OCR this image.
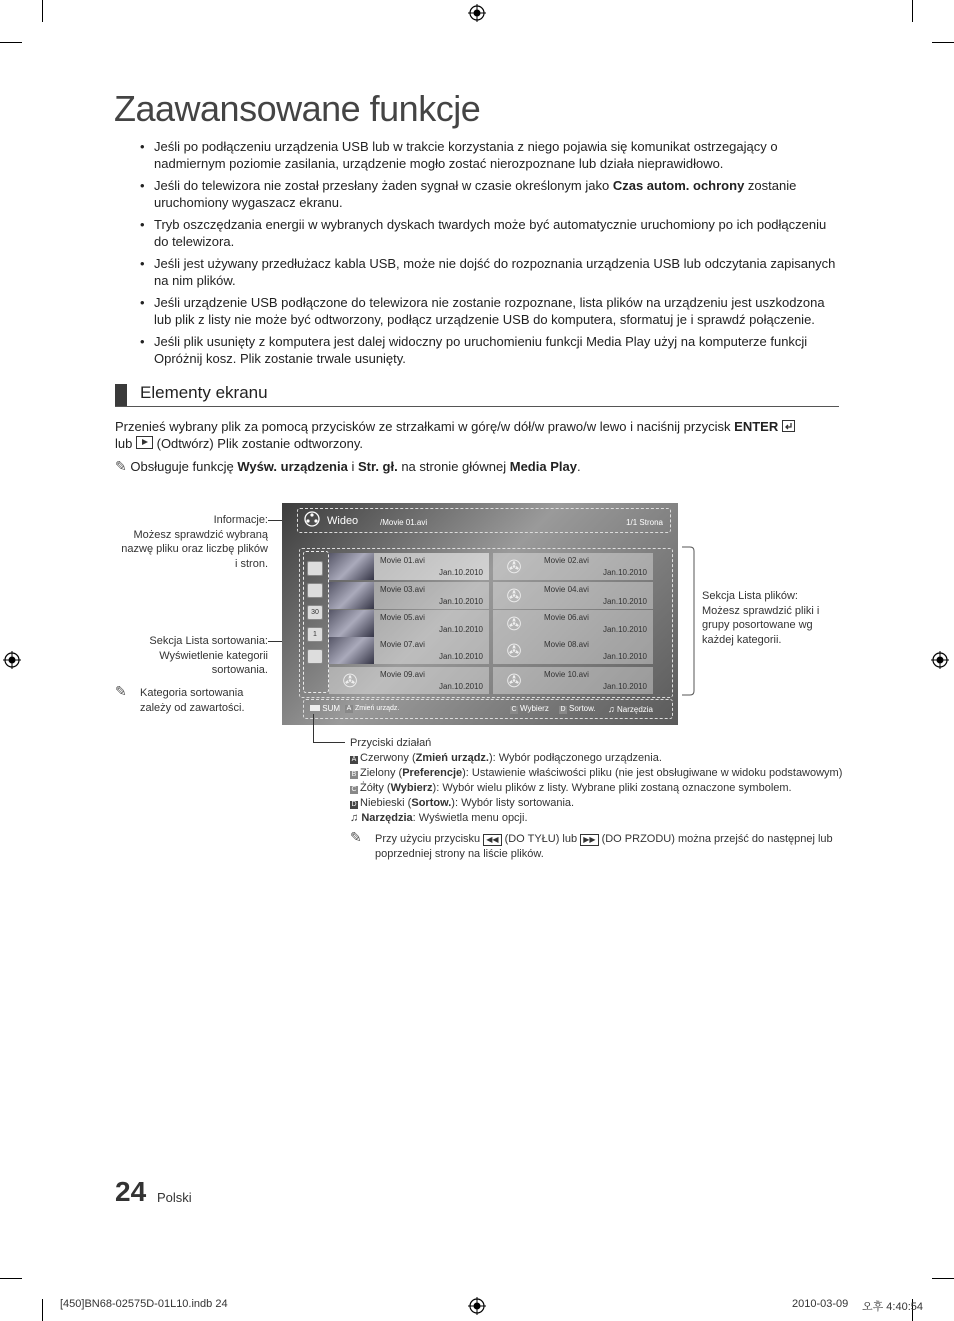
Zaawansowane funkcje
• Jeśli po podłączeniu urządzenia USB lub w trakcie korzystania z niego pojawia się komunikat ostrzegający o nadmiernym poziomie zasilania, urządzenie mogło zostać nierozpoznane lub działa nieprawidłowo.
• Jeśli do telewizora nie został przesłany żaden sygnał w czasie określonym jako Czas autom. ochrony zostanie uruchomiony wygaszacz ekranu.
• Tryb oszczędzania energii w wybranych dyskach twardych może być automatycznie uruchomiony po ich podłączeniu do telewizora.
• Jeśli jest używany przedłużacz kabla USB, może nie dojść do rozpoznania urządzenia USB lub odczytania zapisanych na nim plików.
• Jeśli urządzenie USB podłączone do telewizora nie zostanie rozpoznane, lista plików na urządzeniu jest uszkodzona lub plik z listy nie może być odtworzony, podłącz urządzenie USB do komputera, sformatuj je i sprawdź połączenie.
• Jeśli plik usunięty z komputera jest dalej widoczny po uruchomieniu funkcji Media Play użyj na komputerze funkcji Opróżnij kosz. Plik zostanie trwale usunięty.
Elementy ekranu
Przenieś wybrany plik za pomocą przycisków ze strzałkami w górę/w dół/w prawo/w lewo i naciśnij przycisk ENTER
lub (Odtwórz) Plik zostanie odtworzony.
✎ Obsługuje funkcję Wyśw. urządzenia i Str. gł. na stronie głównej Media Play.
Informacje:
Możesz sprawdzić wybraną
nazwę pliku oraz liczbę plików
i stron.
Sekcja Lista sortowania:
Wyświetlenie kategorii
sortowania.
✎	Kategoria sortowania
zależy od zawartości.
Sekcja Lista plików:
Możesz sprawdzić pliki i
grupy posortowane wg
każdej kategorii.
Wideo	/Movie 01.avi	1/1 Strona
30
1
Movie 01.avi
Jan.10.2010 ✇	Movie 02.avi
Jan.10.2010
Movie 03.avi
Jan.10.2010 ✇	Movie 04.avi
Jan.10.2010
Movie 05.avi
Jan.10.2010 ✇	Movie 06.avi
Jan.10.2010
Movie 07.avi
Jan.10.2010 ✇	Movie 08.avi
Jan.10.2010
✇	Movie 09.avi
Jan.10.2010 ✇	Movie 10.avi
Jan.10.2010
SUM A Zmień urządz.	C Wybierz D Sortow. ♫ Narzędzia
Przyciski działań
A Czerwony (Zmień urządz.): Wybór podłączonego urządzenia.
B Zielony (Preferencje): Ustawienie właściwości pliku (nie jest obsługiwane w widoku podstawowym)
C Żółty (Wybierz): Wybór wielu plików z listy. Wybrane pliki zostaną oznaczone symbolem.
D Niebieski (Sortow.): Wybór listy sortowania.
♫ Narzędzia: Wyświetla menu opcji.
✎ Przy użyciu przycisku ◀◀ (DO TYŁU) lub ▶▶ (DO PRZODU) można przejść do następnej lub
poprzedniej strony na liście plików.
24 Polski
[450]BN68-02575D-01L10.indb 24	2010-03-09 오후 4:40:54
